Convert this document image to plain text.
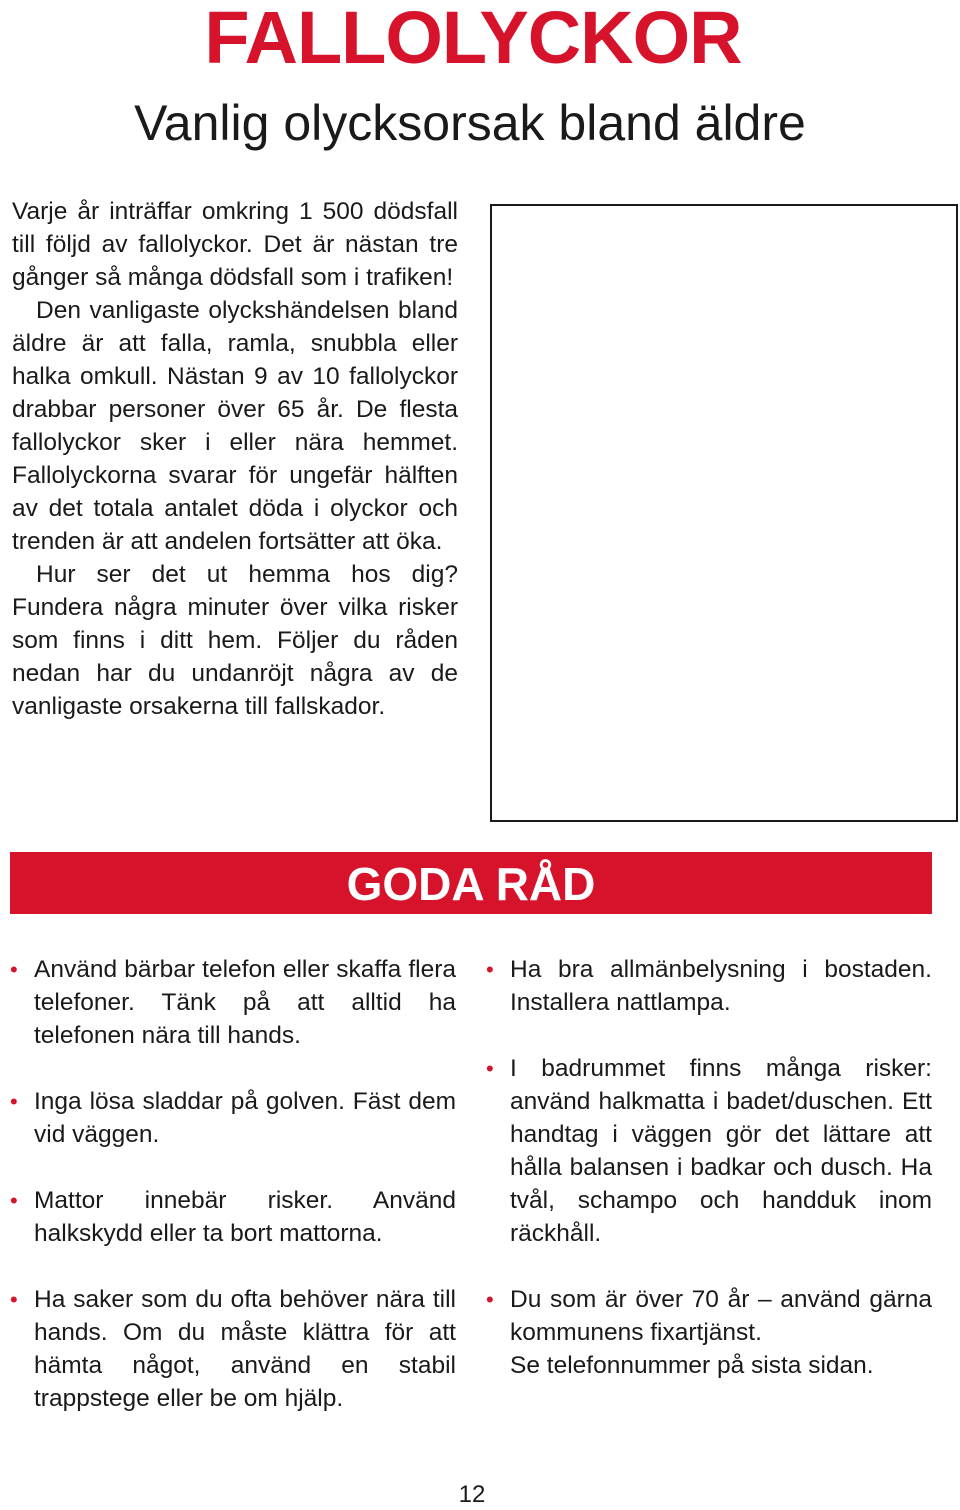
FALLOLYCKOR
Vanlig olycksorsak bland äldre

Varje år inträffar omkring 1 500 dödsfall till följd av fallolyckor. Det är nästan tre gånger så många dödsfall som i trafiken!

Den vanligaste olyckshändelsen bland äldre är att falla, ramla, snubbla eller halka omkull. Nästan 9 av 10 fallolyckor drabbar personer över 65 år. De flesta fallolyckor sker i eller nära hemmet. Fallolyckorna svarar för ungefär hälften av det totala antalet döda i olyckor och trenden är att andelen fortsätter att öka.

Hur ser det ut hemma hos dig? Fundera några minuter över vilka risker som finns i ditt hem. Följer du råden nedan har du undanröjt några av de vanligaste orsakerna till fallskador.

GODA RÅD
• Använd bärbar telefon eller skaffa flera telefoner. Tänk på att alltid ha telefonen nära till hands.
• Inga lösa sladdar på golven. Fäst dem vid väggen.
• Mattor innebär risker. Använd halkskydd eller ta bort mattorna.
• Ha saker som du ofta behöver nära till hands. Om du måste klättra för att hämta något, använd en stabil trappstege eller be om hjälp.
• Ha bra allmänbelysning i bostaden. Installera nattlampa.
• I badrummet finns många risker: använd halkmatta i badet/duschen. Ett handtag i väggen gör det lättare att hålla balansen i badkar och dusch. Ha tvål, schampo och handduk inom räckhåll.
• Du som är över 70 år – använd gärna kommunens fixartjänst.
Se telefonnummer på sista sidan.
12
